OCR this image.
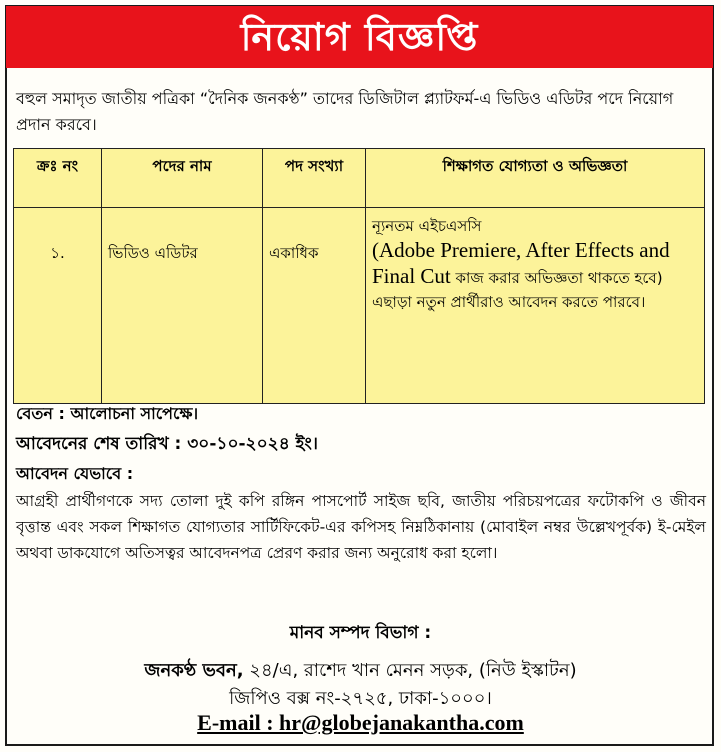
নিয়োগ বিজ্ঞপ্তি
বহুল সমাদৃত জাতীয় পত্রিকা “দৈনিক জনকণ্ঠ” তাদের ডিজিটাল প্ল্যাটফর্ম-এ ভিডিও এডিটর পদে নিয়োগ প্রদান করবে।
ক্রঃ নং	পদের নাম	পদ সংখ্যা	শিক্ষাগত যোগ্যতা ও অভিজ্ঞতা
১.	ভিডিও এডিটর	একাধিক	ন্যূনতম এইচএসসি
(Adobe Premiere, After Effects and Final Cut কাজ করার অভিজ্ঞতা থাকতে হবে)
এছাড়া নতুন প্রার্থীরাও আবেদন করতে পারবে।
বেতন : আলোচনা সাপেক্ষে।
আবেদনের শেষ তারিখ : ৩০-১০-২০২৪ ইং।
আবেদন যেভাবে :
আগ্রহী প্রার্থীগণকে সদ্য তোলা দুই কপি রঙ্গিন পাসপোর্ট সাইজ ছবি, জাতীয় পরিচয়পত্রের ফটোকপি ও জীবন বৃত্তান্ত এবং সকল শিক্ষাগত যোগ্যতার সার্টিফিকেট-এর কপিসহ নিম্নঠিকানায় (মোবাইল নম্বর উল্লেখপূর্বক) ই-মেইল অথবা ডাকযোগে অতিসত্বর আবেদনপত্র প্রেরণ করার জন্য অনুরোধ করা হলো।
মানব সম্পদ বিভাগ :
জনকণ্ঠ ভবন, ২৪/এ, রাশেদ খান মেনন সড়ক, (নিউ ইস্কাটন)
জিপিও বক্স নং-২৭২৫, ঢাকা-১০০০।
E-mail : hr@globejanakantha.com
